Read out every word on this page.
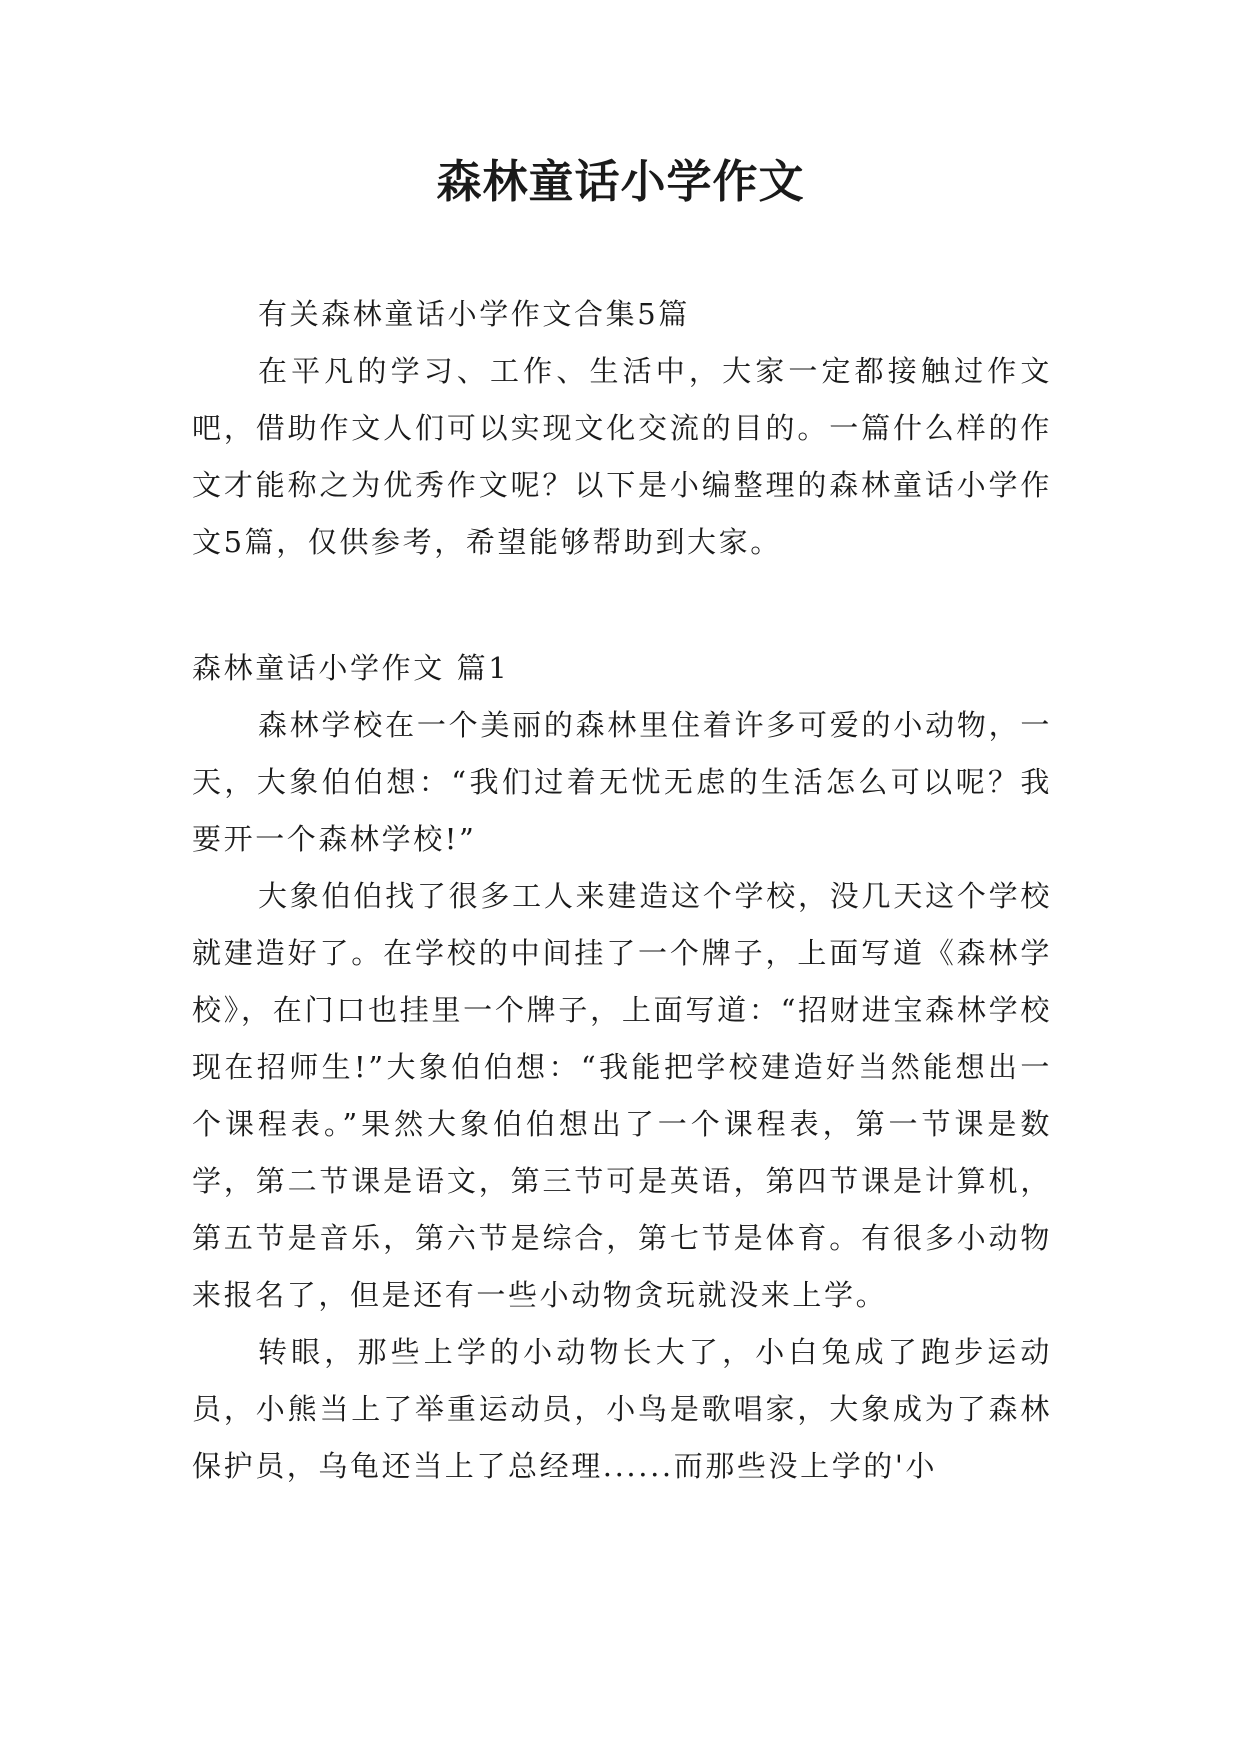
森林童话小学作文

有关森林童话小学作文合集5篇

在平凡的学习、工作、生活中，大家一定都接触过作文吧，借助作文人们可以实现文化交流的目的。一篇什么样的作文才能称之为优秀作文呢？以下是小编整理的森林童话小学作文5篇，仅供参考，希望能够帮助到大家。

森林童话小学作文 篇1

森林学校在一个美丽的森林里住着许多可爱的小动物，一天，大象伯伯想：“我们过着无忧无虑的生活怎么可以呢？我要开一个森林学校!”

大象伯伯找了很多工人来建造这个学校，没几天这个学校就建造好了。在学校的中间挂了一个牌子，上面写道《森林学校》，在门口也挂里一个牌子，上面写道：“招财进宝森林学校现在招师生!”大象伯伯想：“我能把学校建造好当然能想出一个课程表。”果然大象伯伯想出了一个课程表，第一节课是数学，第二节课是语文，第三节可是英语，第四节课是计算机，第五节是音乐，第六节是综合，第七节是体育。有很多小动物来报名了，但是还有一些小动物贪玩就没来上学。

转眼，那些上学的小动物长大了，小白兔成了跑步运动员，小熊当上了举重运动员，小鸟是歌唱家，大象成为了森林保护员，乌龟还当上了总经理......而那些没上学的'小
